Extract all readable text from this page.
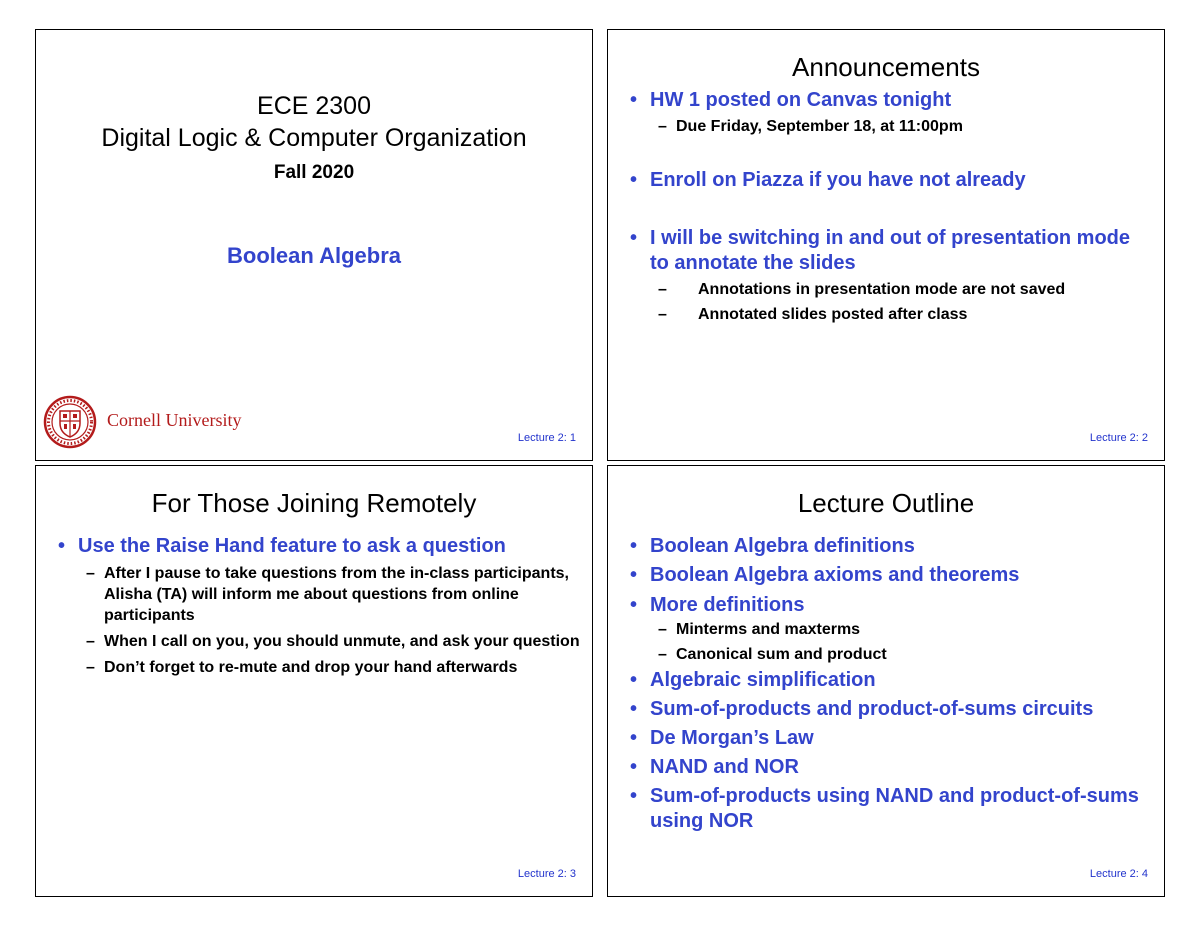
ECE 2300
Digital Logic & Computer Organization
Fall 2020
Boolean Algebra
Cornell University
Lecture 2: 1
Announcements
• HW 1 posted on Canvas tonight
– Due Friday, September 18, at 11:00pm
• Enroll on Piazza if you have not already
• I will be switching in and out of presentation mode to annotate the slides
– Annotations in presentation mode are not saved
– Annotated slides posted after class
Lecture 2: 2
For Those Joining Remotely
• Use the Raise Hand feature to ask a question
– After I pause to take questions from the in-class participants, Alisha (TA) will inform me about questions from online participants
– When I call on you, you should unmute, and ask your question
– Don’t forget to re-mute and drop your hand afterwards
Lecture 2: 3
Lecture Outline
• Boolean Algebra definitions
• Boolean Algebra axioms and theorems
• More definitions
– Minterms and maxterms
– Canonical sum and product
• Algebraic simplification
• Sum-of-products and product-of-sums circuits
• De Morgan’s Law
• NAND and NOR
• Sum-of-products using NAND and product-of-sums using NOR
Lecture 2: 4
